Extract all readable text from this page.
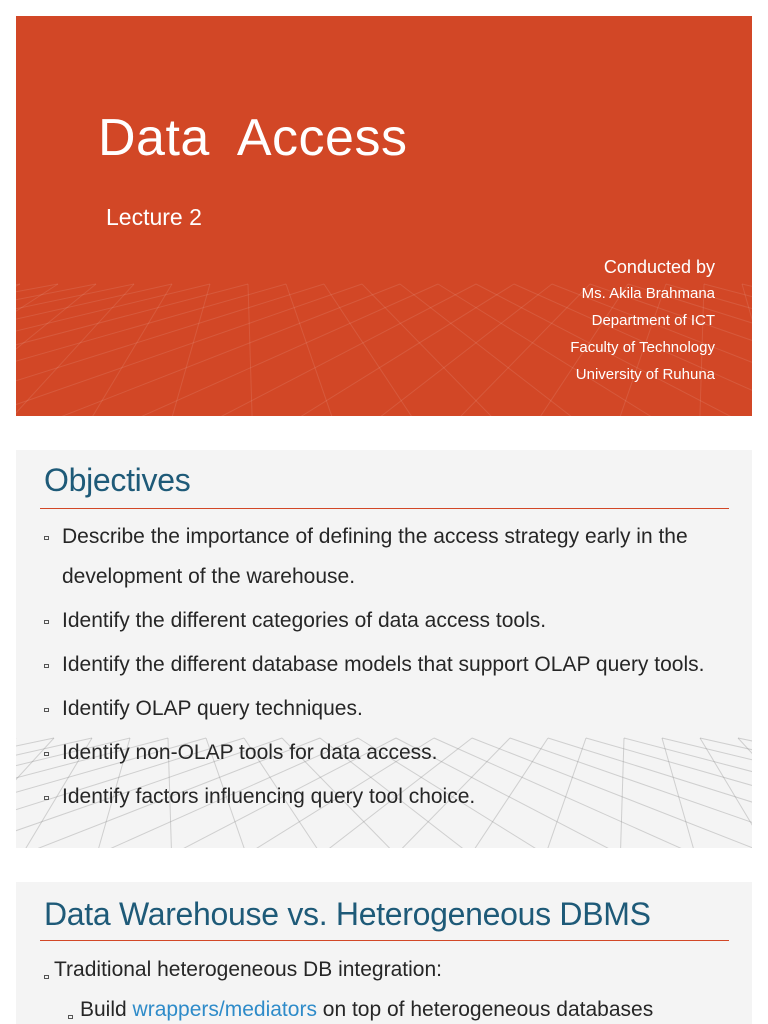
Data  Access
Lecture 2
Conducted by
Ms. Akila Brahmana
Department of ICT
Faculty of Technology
University of Ruhuna
Objectives
Describe the importance of defining the access strategy early in the development of the warehouse.
Identify the different categories of data access tools.
Identify the different database models that support OLAP query tools.
Identify OLAP query techniques.
Identify non-OLAP tools for data access.
Identify factors influencing query tool choice.
Data Warehouse vs. Heterogeneous DBMS
Traditional heterogeneous DB integration:
Build wrappers/mediators on top of heterogeneous databases
